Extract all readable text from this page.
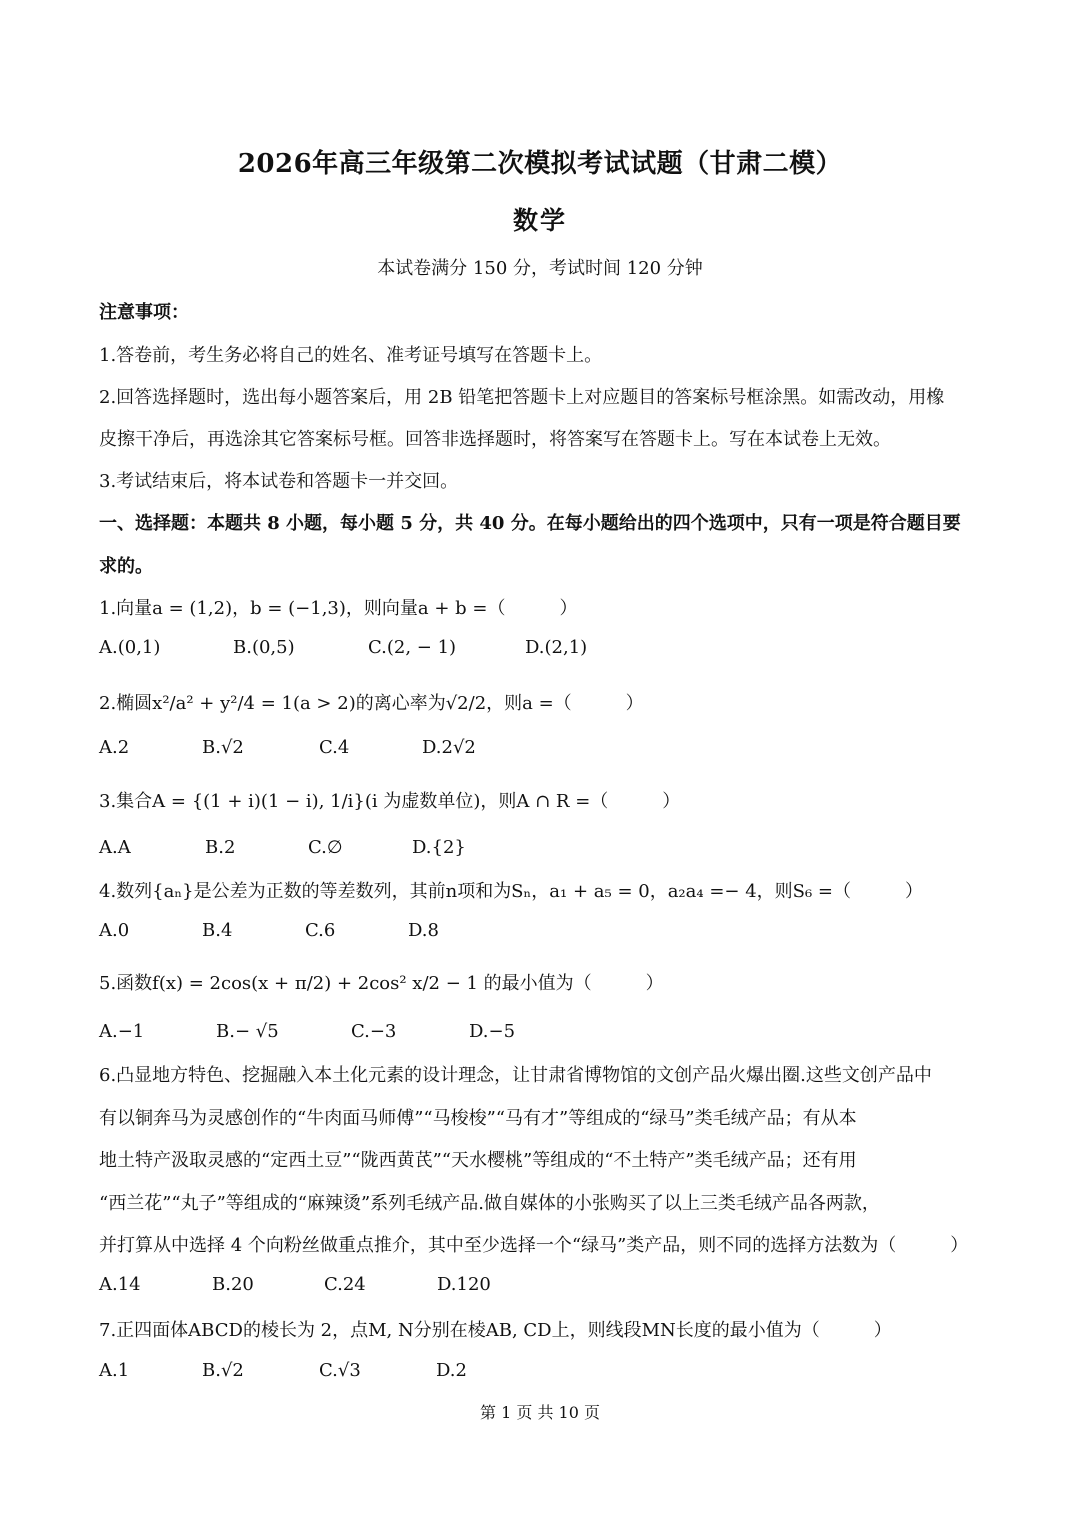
2026年高三年级第二次模拟考试试题（甘肃二模）
数学
本试卷满分 150 分，考试时间 120 分钟
注意事项：
1.答卷前，考生务必将自己的姓名、准考证号填写在答题卡上。
2.回答选择题时，选出每小题答案后，用 2B 铅笔把答题卡上对应题目的答案标号框涂黑。如需改动，用橡
皮擦干净后，再选涂其它答案标号框。回答非选择题时，将答案写在答题卡上。写在本试卷上无效。
3.考试结束后，将本试卷和答题卡一并交回。
一、选择题：本题共 8 小题，每小题 5 分，共 40 分。在每小题给出的四个选项中，只有一项是符合题目要
求的。
1.向量a = (1,2)，b = (−1,3)，则向量a + b =（　　　）
A.(0,1)	B.(0,5)	C.(2, − 1)	D.(2,1)
2.椭圆x²/a² + y²/4 = 1(a > 2)的离心率为√2/2，则a =（　　　）
A.2	B.√2	C.4	D.2√2
3.集合A = {(1 + i)(1 − i), 1/i}(i 为虚数单位)，则A ∩ R =（　　　）
A.A	B.2	C.∅	D.{2}
4.数列{aₙ}是公差为正数的等差数列，其前n项和为Sₙ，a₁ + a₅ = 0，a₂a₄ =− 4，则S₆ =（　　　）
A.0	B.4	C.6	D.8
5.函数f(x) = 2cos(x + π/2) + 2cos² x/2 − 1 的最小值为（　　　）
A.−1	B.− √5	C.−3	D.−5
6.凸显地方特色、挖掘融入本土化元素的设计理念，让甘肃省博物馆的文创产品火爆出圈.这些文创产品中
有以铜奔马为灵感创作的“牛肉面马师傅”“马梭梭”“马有才”等组成的“绿马”类毛绒产品；有从本
地土特产汲取灵感的“定西土豆”“陇西黄芪”“天水樱桃”等组成的“不土特产”类毛绒产品；还有用
“西兰花”“丸子”等组成的“麻辣烫”系列毛绒产品.做自媒体的小张购买了以上三类毛绒产品各两款，
并打算从中选择 4 个向粉丝做重点推介，其中至少选择一个“绿马”类产品，则不同的选择方法数为（　　　）
A.14	B.20	C.24	D.120
7.正四面体ABCD的棱长为 2，点M, N分别在棱AB, CD上，则线段MN长度的最小值为（　　　）
A.1	B.√2	C.√3	D.2
第 1 页 共 10 页
